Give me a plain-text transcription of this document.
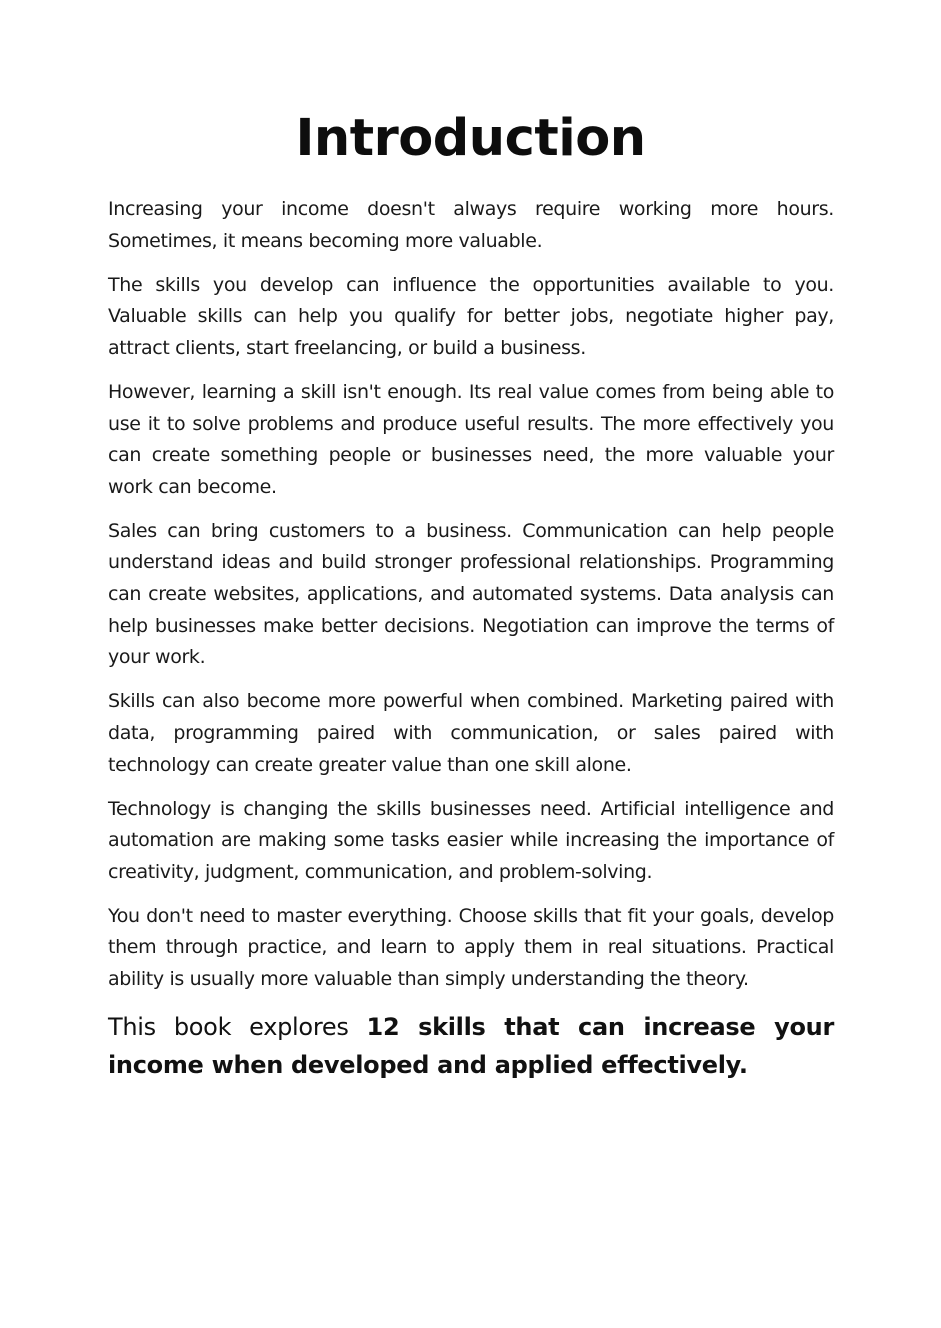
Introduction

Increasing your income doesn't always require working more hours. Sometimes, it means becoming more valuable.

The skills you develop can influence the opportunities available to you. Valuable skills can help you qualify for better jobs, negotiate higher pay, attract clients, start freelancing, or build a business.

However, learning a skill isn't enough. Its real value comes from being able to use it to solve problems and produce useful results. The more effectively you can create something people or businesses need, the more valuable your work can become.

Sales can bring customers to a business. Communication can help people understand ideas and build stronger professional relationships. Programming can create websites, applications, and automated systems. Data analysis can help businesses make better decisions. Negotiation can improve the terms of your work.

Skills can also become more powerful when combined. Marketing paired with data, programming paired with communication, or sales paired with technology can create greater value than one skill alone.

Technology is changing the skills businesses need. Artificial intelligence and automation are making some tasks easier while increasing the importance of creativity, judgment, communication, and problem-solving.

You don't need to master everything. Choose skills that fit your goals, develop them through practice, and learn to apply them in real situations. Practical ability is usually more valuable than simply understanding the theory.

This book explores 12 skills that can increase your income when developed and applied effectively.
